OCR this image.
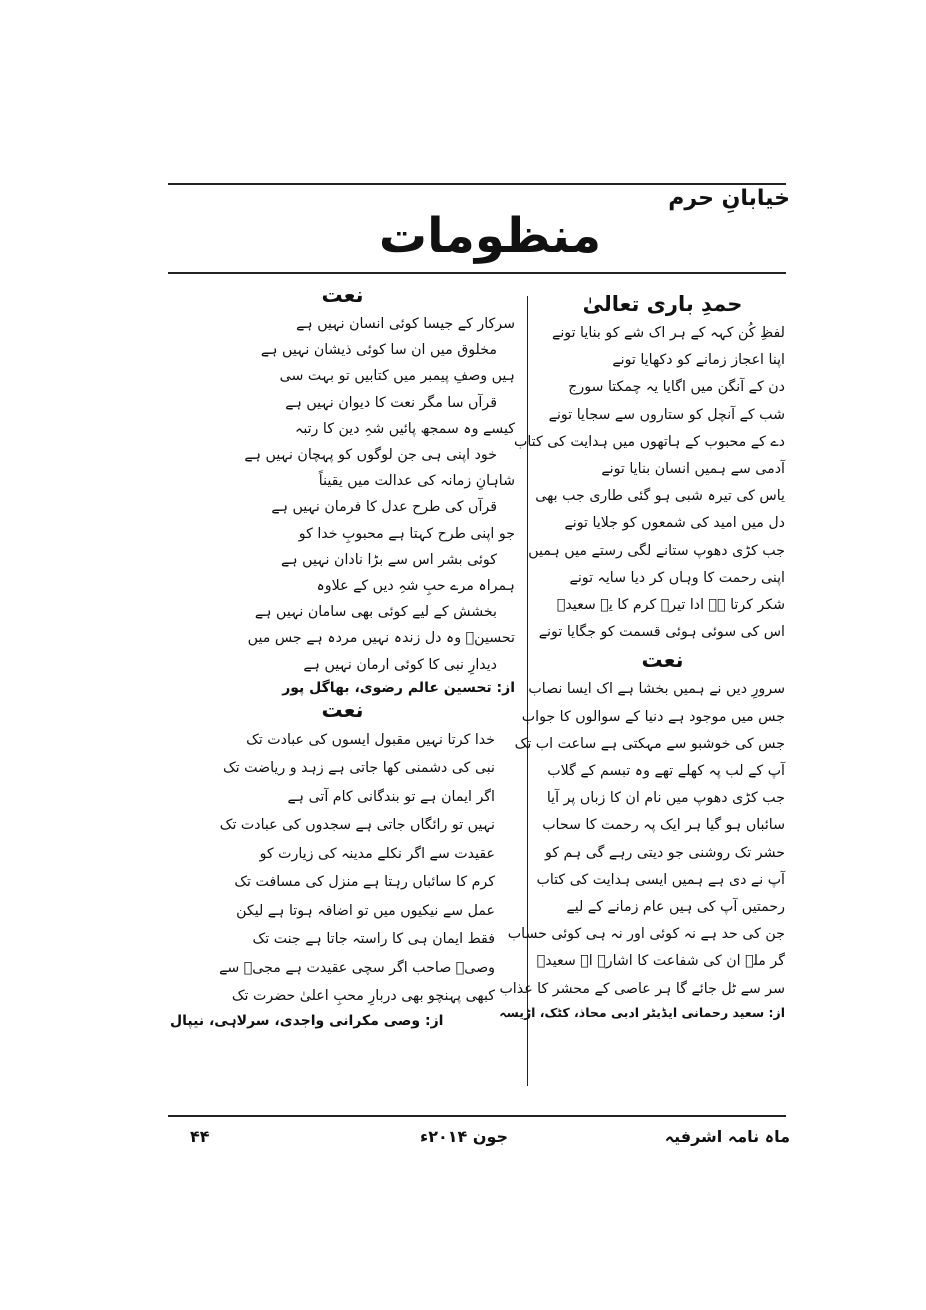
خیابانِ حرم
منظومات
حمدِ باری تعالیٰ
لفظِ کُن کہہ کے ہر اک شے کو بنایا تونے
اپنا اعجاز زمانے کو دکھایا تونے
دن کے آنگن میں اگایا یہ چمکتا سورج
شب کے آنچل کو ستاروں سے سجایا تونے
دے کے محبوب کے ہاتھوں میں ہدایت کی کتاب
آدمی سے ہمیں انسان بنایا تونے
یاس کی تیرہ شبی ہو گئی طاری جب بھی
دل میں امید کی شمعوں کو جلایا تونے
جب کڑی دھوپ ستانے لگی رستے میں ہمیں
اپنی رحمت کا وہاں کر دیا سایہ تونے
شکر کرتا ہے ادا تیرے کرم کا یہ سعیدؔ
اس کی سوئی ہوئی قسمت کو جگایا تونے
نعت
سرورِ دیں نے ہمیں بخشا ہے اک ایسا نصاب
جس میں موجود ہے دنیا کے سوالوں کا جواب
جس کی خوشبو سے مہکتی ہے ساعت اب تک
آپ کے لب پہ کھلے تھے وہ تبسم کے گلاب
جب کڑی دھوپ میں نام ان کا زباں پر آیا
سائباں ہو گیا ہر ایک پہ رحمت کا سحاب
حشر تک روشنی جو دیتی رہے گی ہم کو
آپ نے دی ہے ہمیں ایسی ہدایت کی کتاب
رحمتیں آپ کی ہیں عام زمانے کے لیے
جن کی حد ہے نہ کوئی اور نہ ہی کوئی حساب
گر ملے ان کی شفاعت کا اشارہ اے سعیدؔ
سر سے ٹل جائے گا ہر عاصی کے محشر کا عذاب
از: سعید رحمانی ایڈیٹر ادبی محاذ، کٹک، اڑیسہ
نعت
سرکار کے جیسا کوئی انسان نہیں ہے
مخلوق میں ان سا کوئی ذیشان نہیں ہے
ہیں وصفِ پیمبر میں کتابیں تو بہت سی
قرآں سا مگر نعت کا دیوان نہیں ہے
کیسے وہ سمجھ پائیں شہِ دین کا رتبہ
خود اپنی ہی جن لوگوں کو پہچان نہیں ہے
شاہانِ زمانہ کی عدالت میں یقیناً
قرآں کی طرح عدل کا فرمان نہیں ہے
جو اپنی طرح کہتا ہے محبوبِ خدا کو
کوئی بشر اس سے بڑا نادان نہیں ہے
ہمراہ مرے حبِ شہِ دیں کے علاوہ
بخشش کے لیے کوئی بھی سامان نہیں ہے
تحسینؔ وہ دل زندہ نہیں مردہ ہے جس میں
دیدارِ نبی کا کوئی ارمان نہیں ہے
از: تحسین عالم رضوی، بھاگل پور
نعت
خدا کرتا نہیں مقبول ایسوں کی عبادت تک
نبی کی دشمنی کھا جاتی ہے زہد و ریاضت تک
اگر ایمان ہے تو بندگانی کام آتی ہے
نہیں تو رائگاں جاتی ہے سجدوں کی عبادت تک
عقیدت سے اگر نکلے مدینہ کی زیارت کو
کرم کا سائباں رہتا ہے منزل کی مسافت تک
عمل سے نیکیوں میں تو اضافہ ہوتا ہے لیکن
فقط ایمان ہی کا راستہ جاتا ہے جنت تک
وصیؔ صاحب اگر سچی عقیدت ہے مجیؐ سے
کبھی پہنچو بھی دربارِ محبِ اعلیٰ حضرت تک
از: وصی مکرانی واجدی، سرلاہی، نیپال
ماہ نامہ اشرفیہ
جون ۲۰۱۴ء
۴۴
